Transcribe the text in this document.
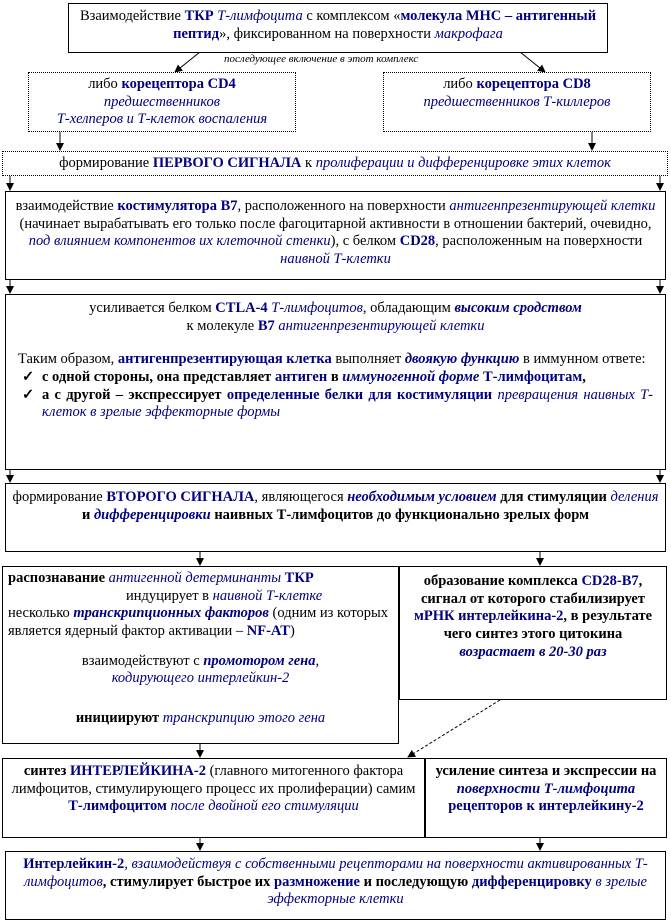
Взаимодействие ТКР Т-лимфоцита с комплексом «молекула МНС – антигенный пептид», фиксированном на поверхности макрофага
последующее включение в этот комплекс
либо корецептора CD4
предшественников
Т-хелперов и Т-клеток воспаления
либо корецептора CD8
предшественников Т-киллеров
формирование ПЕРВОГО СИГНАЛА к пролиферации и дифференцировке этих клеток
взаимодействие костимулятора B7, расположенного на поверхности антигенпрезентирующей клетки (начинает вырабатывать его только после фагоцитарной активности в отношении бактерий, очевидно, под влиянием компонентов их клеточной стенки), с белком CD28, расположенным на поверхности наивной Т-клетки
усиливается белком CTLA-4 Т-лимфоцитов, обладающим высоким сродством
к молекуле B7 антигенпрезентирующей клетки
Таким образом, антигенпрезентирующая клетка выполняет двоякую функцию в иммунном ответе:
✓ с одной стороны, она представляет антиген в иммуногенной форме Т-лимфоцитам,
✓ а с другой – экспрессирует определенные белки для костимуляции превращения наивных Т-клеток в зрелые эффекторные формы
формирование ВТОРОГО СИГНАЛА, являющегося необходимым условием для стимуляции деления и дифференцировки наивных Т-лимфоцитов до функционально зрелых форм
распознавание антигенной детерминанты ТКР
индуцирует в наивной Т-клетке
несколько транскрипционных факторов (одним из которых является ядерный фактор активации – NF-AT)
взаимодействуют с промотором гена,
кодирующего интерлейкин-2
инициируют транскрипцию этого гена
образование комплекса CD28-B7, сигнал от которого стабилизирует мРНК интерлейкина-2, в результате чего синтез этого цитокина возрастает в 20-30 раз
синтез ИНТЕРЛЕЙКИНА-2 (главного митогенного фактора лимфоцитов, стимулирующего процесс их пролиферации) самим Т-лимфоцитом после двойной его стимуляции
усиление синтеза и экспрессии на поверхности Т-лимфоцита рецепторов к интерлейкину-2
Интерлейкин-2, взаимодействуя с собственными рецепторами на поверхности активированных Т-лимфоцитов, стимулирует быстрое их размножение и последующую дифференцировку в зрелые эффекторные клетки
